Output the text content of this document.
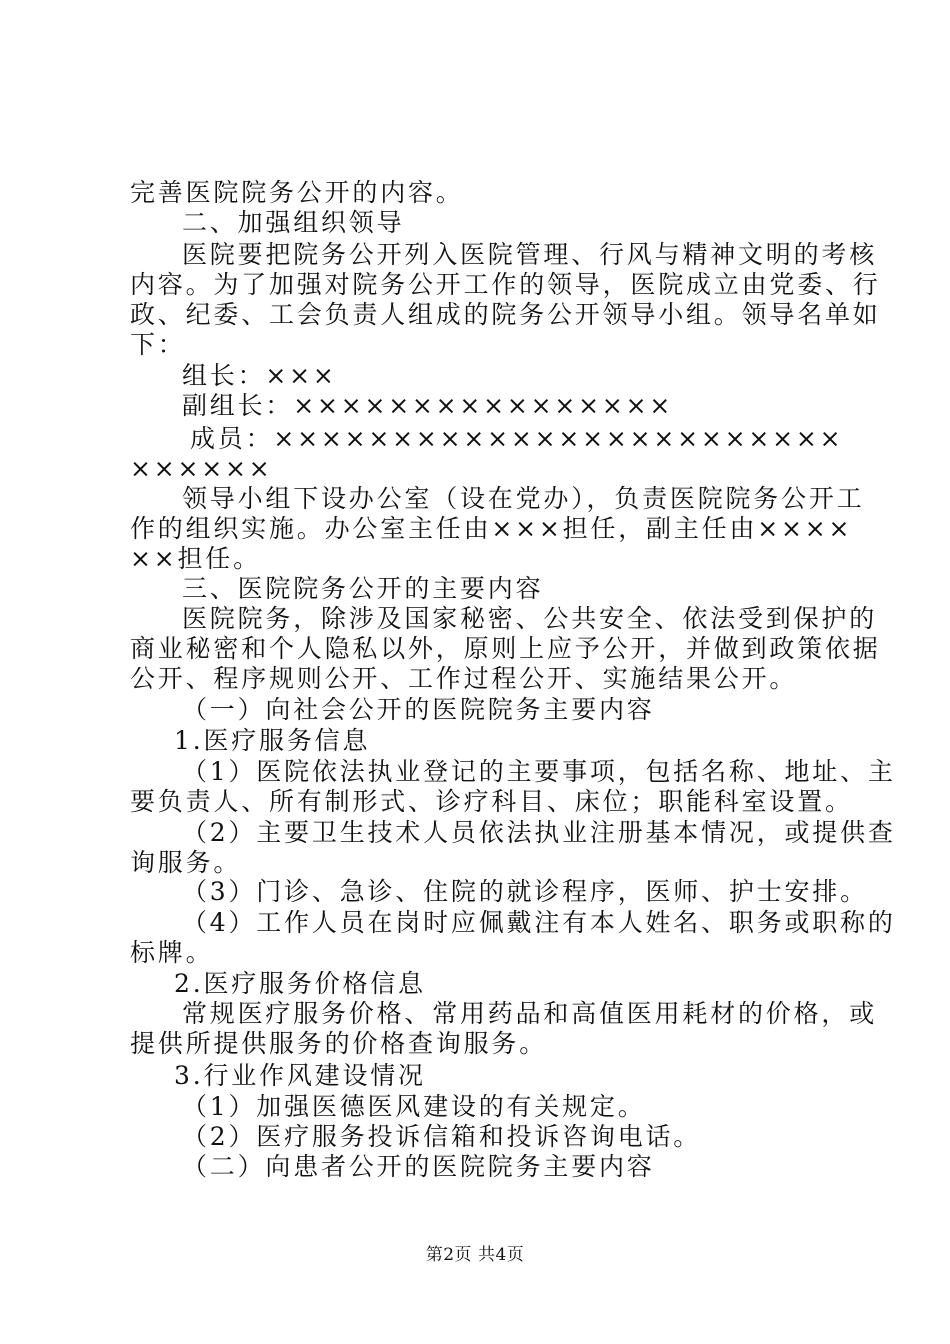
完善医院院务公开的内容。
二、加强组织领导
医院要把院务公开列入医院管理、行风与精神文明的考核
内容。为了加强对院务公开工作的领导，医院成立由党委、行
政、纪委、工会负责人组成的院务公开领导小组。领导名单如
下：
组长：×××
副组长：××××××××××××××××
成员：××××××××××××××××××××××××
××××××
领导小组下设办公室（设在党办），负责医院院务公开工
作的组织实施。办公室主任由×××担任，副主任由××××
××担任。
三、医院院务公开的主要内容
医院院务，除涉及国家秘密、公共安全、依法受到保护的
商业秘密和个人隐私以外，原则上应予公开，并做到政策依据
公开、程序规则公开、工作过程公开、实施结果公开。
（一）向社会公开的医院院务主要内容
1.医疗服务信息
（1）医院依法执业登记的主要事项，包括名称、地址、主
要负责人、所有制形式、诊疗科目、床位；职能科室设置。
（2）主要卫生技术人员依法执业注册基本情况，或提供查
询服务。
（3）门诊、急诊、住院的就诊程序，医师、护士安排。
（4）工作人员在岗时应佩戴注有本人姓名、职务或职称的
标牌。
2.医疗服务价格信息
常规医疗服务价格、常用药品和高值医用耗材的价格，或
提供所提供服务的价格查询服务。
3.行业作风建设情况
（1）加强医德医风建设的有关规定。
（2）医疗服务投诉信箱和投诉咨询电话。
（二）向患者公开的医院院务主要内容
第2页 共4页
